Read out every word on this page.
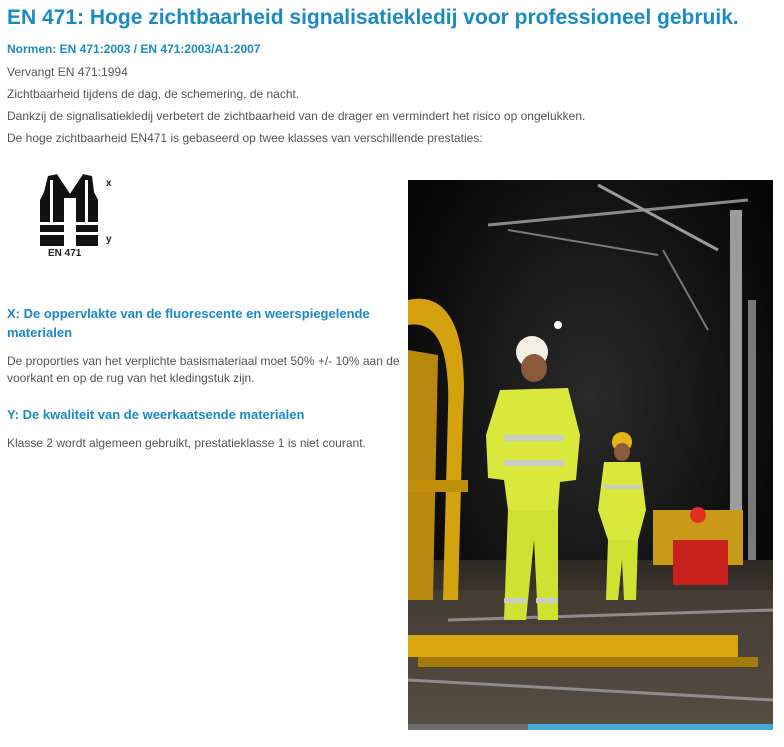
EN 471: Hoge zichtbaarheid signalisatiekledij voor professioneel gebruik.

Normen: EN 471:2003 / EN 471:2003/A1:2007

Vervangt EN 471:1994

Zichtbaarheid tijdens de dag, de schemering, de nacht.

Dankzij de signalisatiekledij verbetert de zichtbaarheid van de drager en vermindert het risico op ongelukken.

De hoge zichtbaarheid EN471 is gebaseerd op twee klasses van verschillende prestaties:

x
y
EN 471
X: De oppervlakte van de fluorescente en weerspiegelende materialen

De proporties van het verplichte basismateriaal moet 50% +/- 10% aan de voorkant en op de rug van het kledingstuk zijn.

Y: De kwaliteit van de weerkaatsende materialen

Klasse 2 wordt algemeen gebruikt, prestatieklasse 1 is niet courant.
